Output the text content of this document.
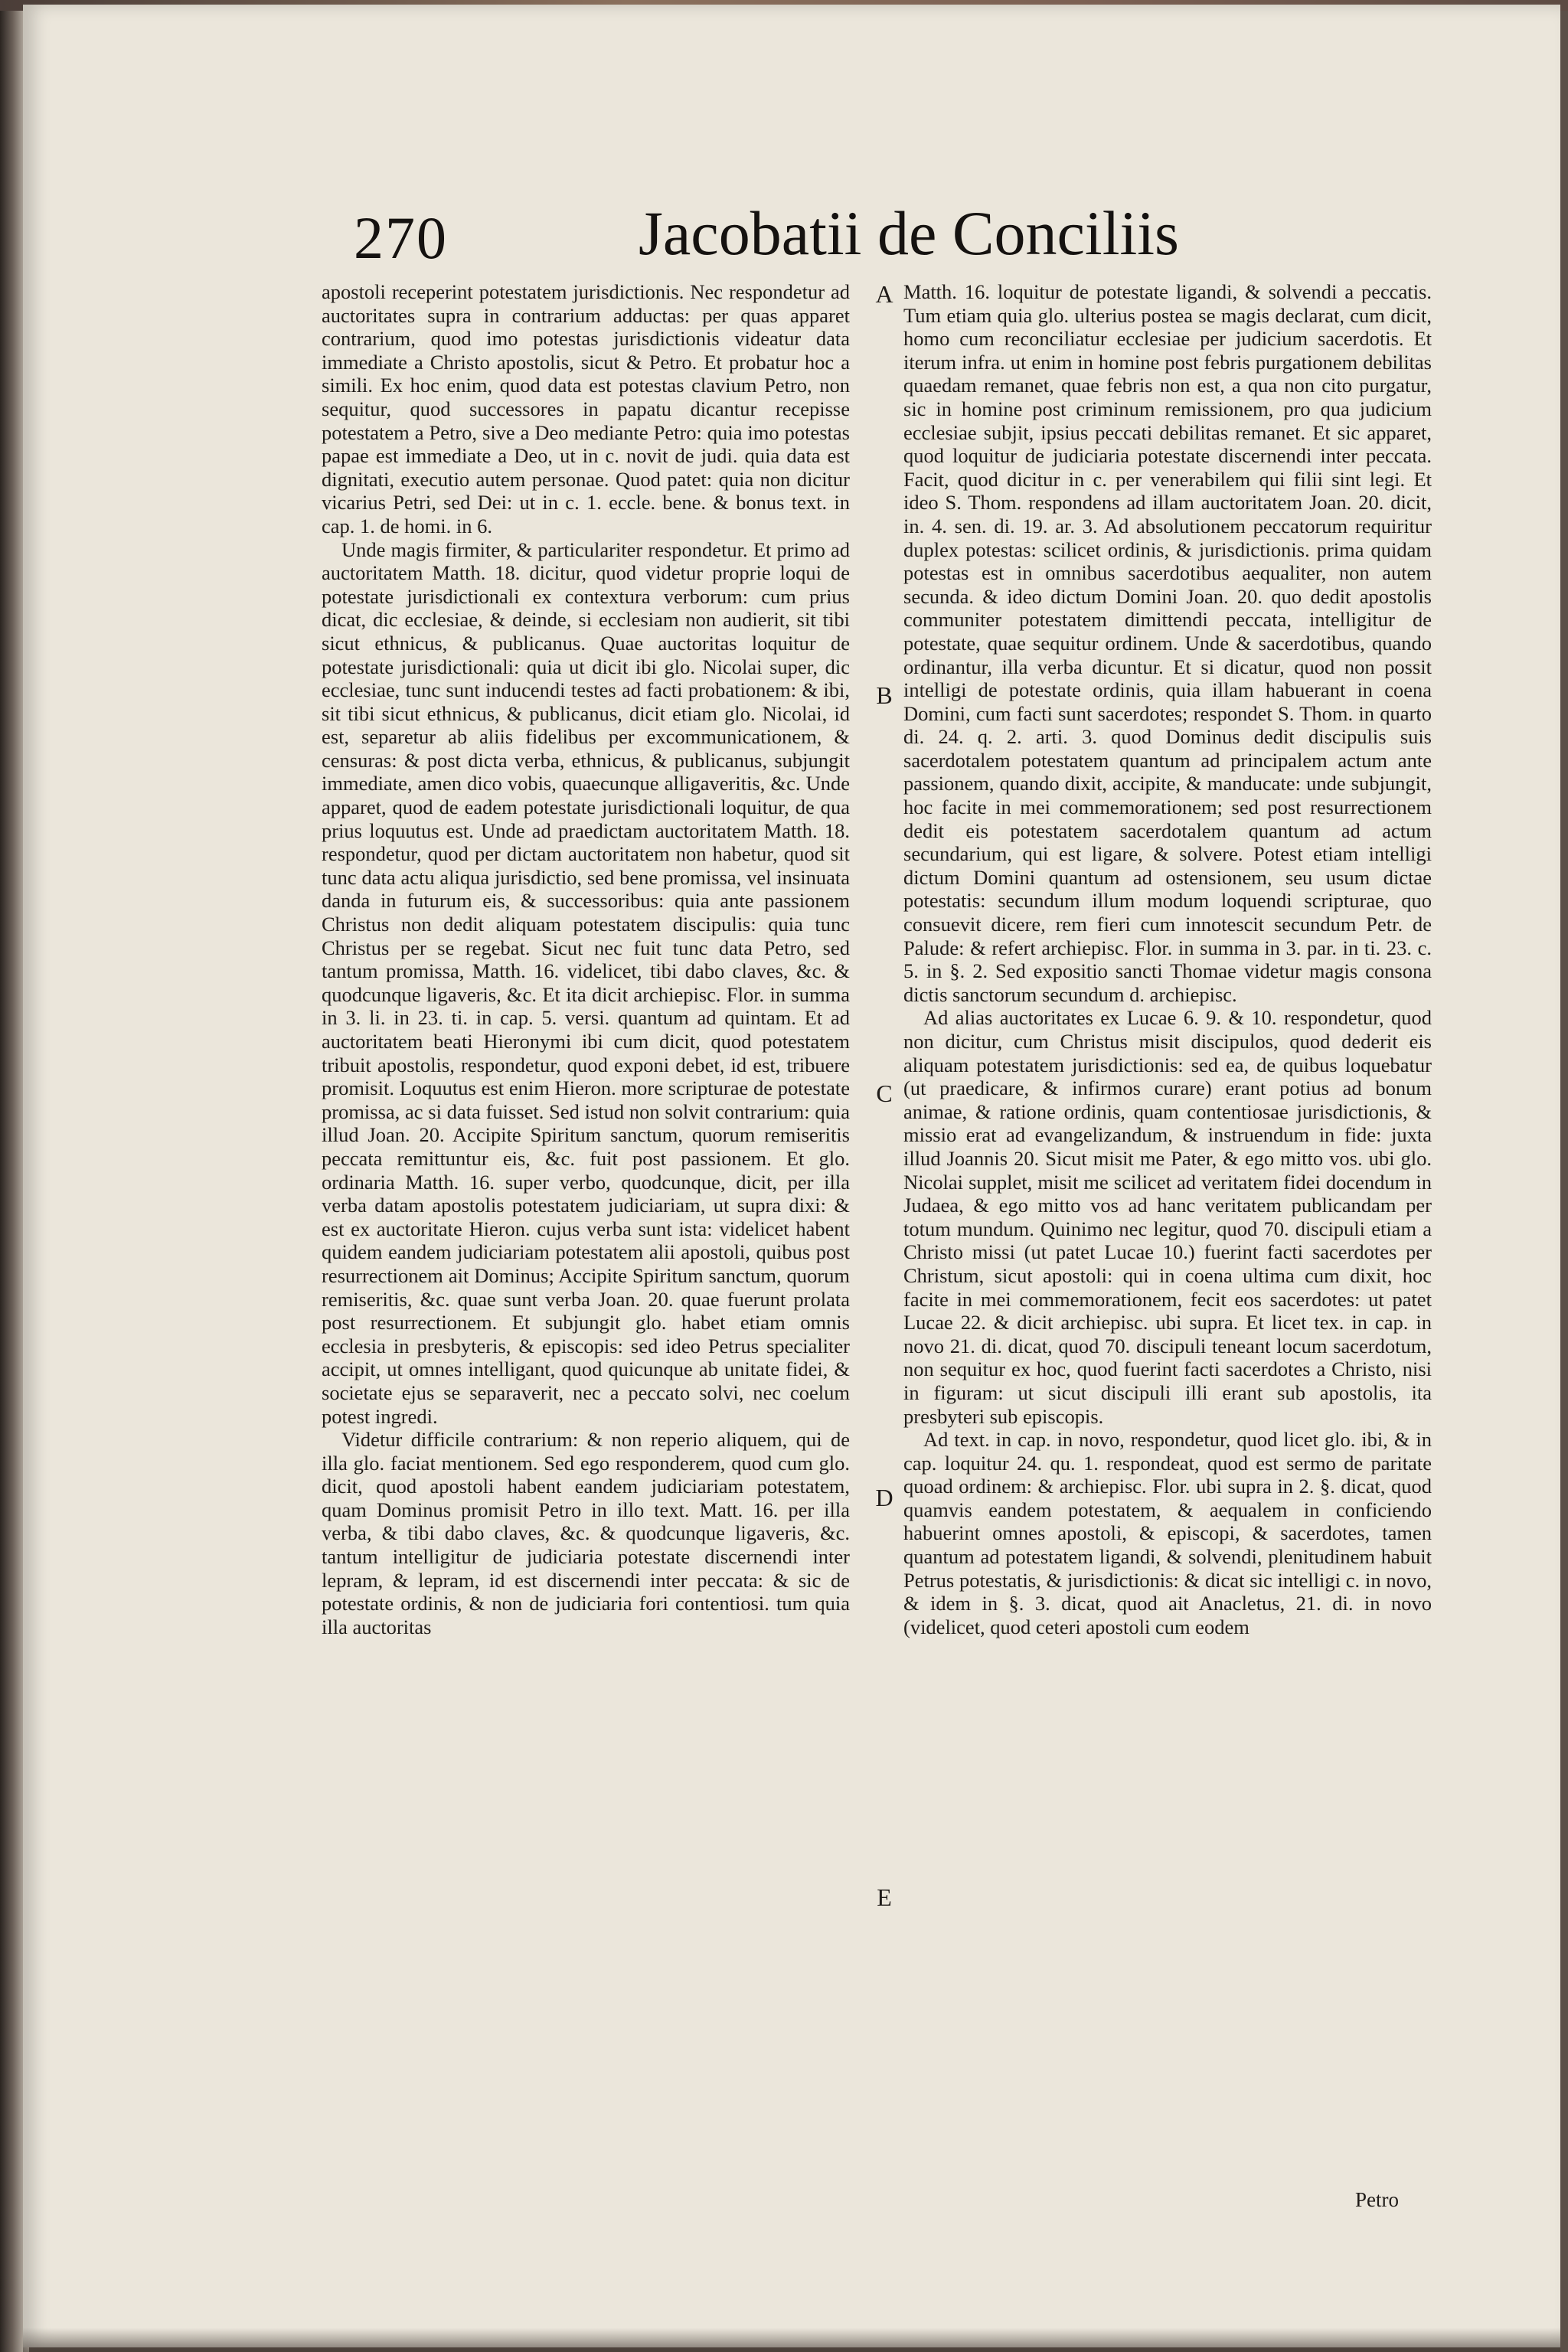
270	Jacobatii de Conciliis

apostoli receperint potestatem jurisdictionis. Nec respondetur ad auctoritates supra in contrarium adductas: per quas apparet contrarium, quod imo potestas jurisdictionis videatur data immediate a Christo apostolis, sicut & Petro. Et probatur hoc a simili. Ex hoc enim, quod data est potestas clavium Petro, non sequitur, quod successores in papatu dicantur recepisse potestatem a Petro, sive a Deo mediante Petro: quia imo potestas papae est immediate a Deo, ut in c. novit de judi. quia data est dignitati, executio autem personae. Quod patet: quia non dicitur vicarius Petri, sed Dei: ut in c. 1. eccle. bene. & bonus text. in cap. 1. de homi. in 6.

Unde magis firmiter, & particulariter respondetur. Et primo ad auctoritatem Matth. 18. dicitur, quod videtur proprie loqui de potestate jurisdictionali ex contextura verborum: cum prius dicat, dic ecclesiae, & deinde, si ecclesiam non audierit, sit tibi sicut ethnicus, & publicanus. Quae auctoritas loquitur de potestate jurisdictionali: quia ut dicit ibi glo. Nicolai super, dic ecclesiae, tunc sunt inducendi testes ad facti probationem: & ibi, sit tibi sicut ethnicus, & publicanus, dicit etiam glo. Nicolai, id est, separetur ab aliis fidelibus per excommunicationem, & censuras: & post dicta verba, ethnicus, & publicanus, subjungit immediate, amen dico vobis, quaecunque alligaveritis, &c. Unde apparet, quod de eadem potestate jurisdictionali loquitur, de qua prius loquutus est. Unde ad praedictam auctoritatem Matth. 18. respondetur, quod per dictam auctoritatem non habetur, quod sit tunc data actu aliqua jurisdictio, sed bene promissa, vel insinuata danda in futurum eis, & successoribus: quia ante passionem Christus non dedit aliquam potestatem discipulis: quia tunc Christus per se regebat. Sicut nec fuit tunc data Petro, sed tantum promissa, Matth. 16. videlicet, tibi dabo claves, &c. & quodcunque ligaveris, &c. Et ita dicit archiepisc. Flor. in summa in 3. li. in 23. ti. in cap. 5. versi. quantum ad quintam. Et ad auctoritatem beati Hieronymi ibi cum dicit, quod potestatem tribuit apostolis, respondetur, quod exponi debet, id est, tribuere promisit. Loquutus est enim Hieron. more scripturae de potestate promissa, ac si data fuisset. Sed istud non solvit contrarium: quia illud Joan. 20. Accipite Spiritum sanctum, quorum remiseritis peccata remittuntur eis, &c. fuit post passionem. Et glo. ordinaria Matth. 16. super verbo, quodcunque, dicit, per illa verba datam apostolis potestatem judiciariam, ut supra dixi: & est ex auctoritate Hieron. cujus verba sunt ista: videlicet habent quidem eandem judiciariam potestatem alii apostoli, quibus post resurrectionem ait Dominus; Accipite Spiritum sanctum, quorum remiseritis, &c. quae sunt verba Joan. 20. quae fuerunt prolata post resurrectionem. Et subjungit glo. habet etiam omnis ecclesia in presbyteris, & episcopis: sed ideo Petrus specialiter accipit, ut omnes intelligant, quod quicunque ab unitate fidei, & societate ejus se separaverit, nec a peccato solvi, nec coelum potest ingredi.

Videtur difficile contrarium: & non reperio aliquem, qui de illa glo. faciat mentionem. Sed ego responderem, quod cum glo. dicit, quod apostoli habent eandem judiciariam potestatem, quam Dominus promisit Petro in illo text. Matt. 16. per illa verba, & tibi dabo claves, &c. & quodcunque ligaveris, &c. tantum intelligitur de judiciaria potestate discernendi inter lepram, & lepram, id est discernendi inter peccata: & sic de potestate ordinis, & non de judiciaria fori contentiosi. tum quia illa auctoritas

Matth. 16. loquitur de potestate ligandi, & solvendi a peccatis. Tum etiam quia glo. ulterius postea se magis declarat, cum dicit, homo cum reconciliatur ecclesiae per judicium sacerdotis. Et iterum infra. ut enim in homine post febris purgationem debilitas quaedam remanet, quae febris non est, a qua non cito purgatur, sic in homine post criminum remissionem, pro qua judicium ecclesiae subjit, ipsius peccati debilitas remanet. Et sic apparet, quod loquitur de judiciaria potestate discernendi inter peccata. Facit, quod dicitur in c. per venerabilem qui filii sint legi. Et ideo S. Thom. respondens ad illam auctoritatem Joan. 20. dicit, in. 4. sen. di. 19. ar. 3. Ad absolutionem peccatorum requiritur duplex potestas: scilicet ordinis, & jurisdictionis. prima quidam potestas est in omnibus sacerdotibus aequaliter, non autem secunda. & ideo dictum Domini Joan. 20. quo dedit apostolis communiter potestatem dimittendi peccata, intelligitur de potestate, quae sequitur ordinem. Unde & sacerdotibus, quando ordinantur, illa verba dicuntur. Et si dicatur, quod non possit intelligi de potestate ordinis, quia illam habuerant in coena Domini, cum facti sunt sacerdotes; respondet S. Thom. in quarto di. 24. q. 2. arti. 3. quod Dominus dedit discipulis suis sacerdotalem potestatem quantum ad principalem actum ante passionem, quando dixit, accipite, & manducate: unde subjungit, hoc facite in mei commemorationem; sed post resurrectionem dedit eis potestatem sacerdotalem quantum ad actum secundarium, qui est ligare, & solvere. Potest etiam intelligi dictum Domini quantum ad ostensionem, seu usum dictae potestatis: secundum illum modum loquendi scripturae, quo consuevit dicere, rem fieri cum innotescit secundum Petr. de Palude: & refert archiepisc. Flor. in summa in 3. par. in ti. 23. c. 5. in §. 2. Sed expositio sancti Thomae videtur magis consona dictis sanctorum secundum d. archiepisc.

Ad alias auctoritates ex Lucae 6. 9. & 10. respondetur, quod non dicitur, cum Christus misit discipulos, quod dederit eis aliquam potestatem jurisdictionis: sed ea, de quibus loquebatur (ut praedicare, & infirmos curare) erant potius ad bonum animae, & ratione ordinis, quam contentiosae jurisdictionis, & missio erat ad evangelizandum, & instruendum in fide: juxta illud Joannis 20. Sicut misit me Pater, & ego mitto vos. ubi glo. Nicolai supplet, misit me scilicet ad veritatem fidei docendum in Judaea, & ego mitto vos ad hanc veritatem publicandam per totum mundum. Quinimo nec legitur, quod 70. discipuli etiam a Christo missi (ut patet Lucae 10.) fuerint facti sacerdotes per Christum, sicut apostoli: qui in coena ultima cum dixit, hoc facite in mei commemorationem, fecit eos sacerdotes: ut patet Lucae 22. & dicit archiepisc. ubi supra. Et licet tex. in cap. in novo 21. di. dicat, quod 70. discipuli teneant locum sacerdotum, non sequitur ex hoc, quod fuerint facti sacerdotes a Christo, nisi in figuram: ut sicut discipuli illi erant sub apostolis, ita presbyteri sub episcopis.

Ad text. in cap. in novo, respondetur, quod licet glo. ibi, & in cap. loquitur 24. qu. 1. respondeat, quod est sermo de paritate quoad ordinem: & archiepisc. Flor. ubi supra in 2. §. dicat, quod quamvis eandem potestatem, & aequalem in conficiendo habuerint omnes apostoli, & episcopi, & sacerdotes, tamen quantum ad potestatem ligandi, & solvendi, plenitudinem habuit Petrus potestatis, & jurisdictionis: & dicat sic intelligi c. in novo, & idem in §. 3. dicat, quod ait Anacletus, 21. di. in novo (videlicet, quod ceteri apostoli cum eodem

A
B
C
D
E
Petro
